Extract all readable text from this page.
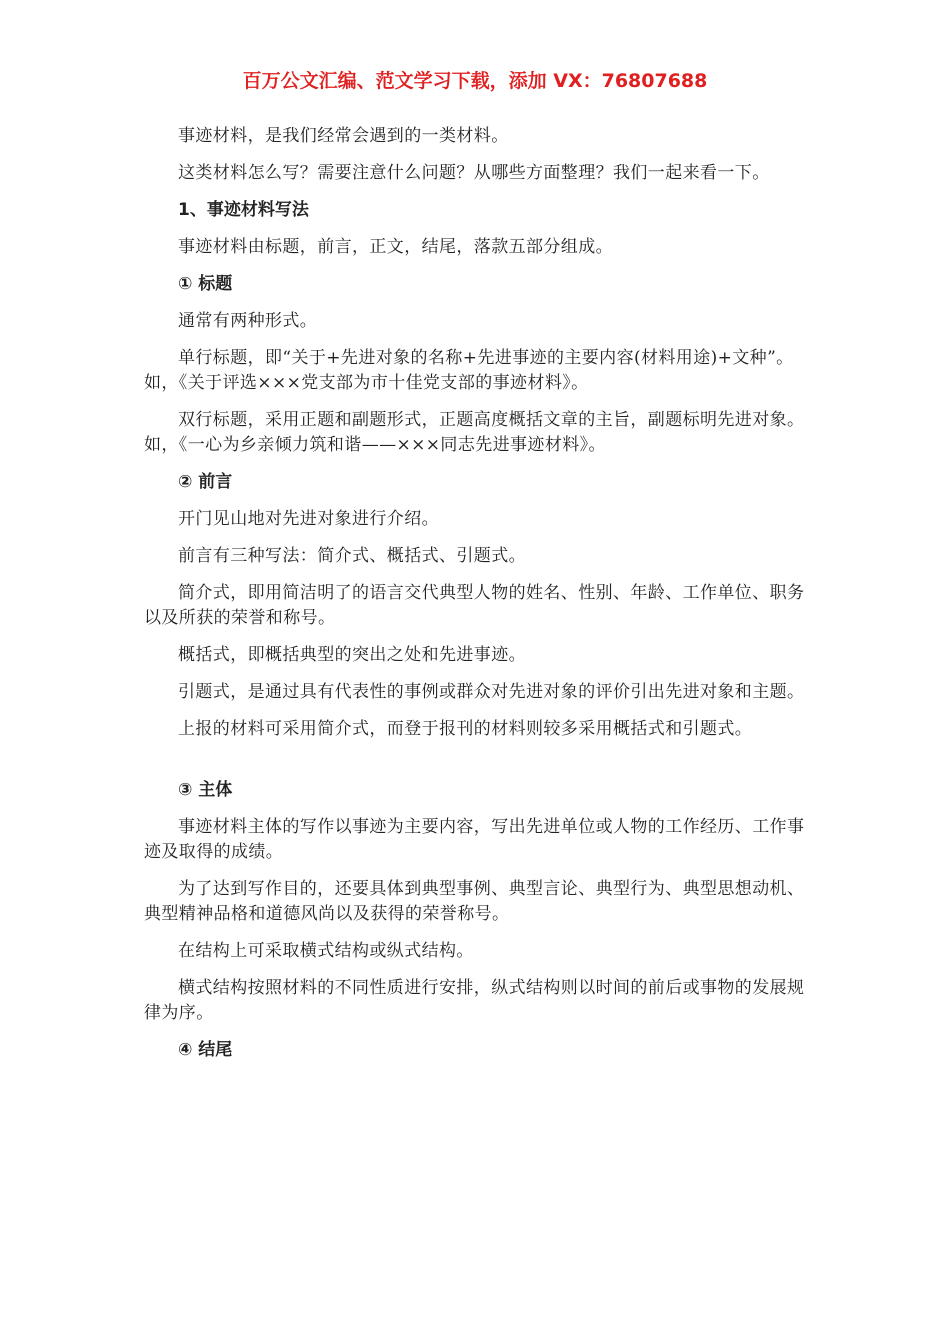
百万公文汇编、范文学习下载，添加 VX：76807688

事迹材料，是我们经常会遇到的一类材料。

这类材料怎么写？需要注意什么问题？从哪些方面整理？我们一起来看一下。

1、事迹材料写法

事迹材料由标题，前言，正文，结尾，落款五部分组成。

① 标题

通常有两种形式。

单行标题，即“关于+先进对象的名称+先进事迹的主要内容(材料用途)+文种”。如，《关于评选×××党支部为市十佳党支部的事迹材料》。

双行标题，采用正题和副题形式，正题高度概括文章的主旨，副题标明先进对象。如，《一心为乡亲倾力筑和谐——×××同志先进事迹材料》。

② 前言

开门见山地对先进对象进行介绍。

前言有三种写法：简介式、概括式、引题式。

简介式，即用简洁明了的语言交代典型人物的姓名、性别、年龄、工作单位、职务以及所获的荣誉和称号。

概括式，即概括典型的突出之处和先进事迹。

引题式，是通过具有代表性的事例或群众对先进对象的评价引出先进对象和主题。

上报的材料可采用简介式，而登于报刊的材料则较多采用概括式和引题式。

③ 主体

事迹材料主体的写作以事迹为主要内容，写出先进单位或人物的工作经历、工作事迹及取得的成绩。

为了达到写作目的，还要具体到典型事例、典型言论、典型行为、典型思想动机、典型精神品格和道德风尚以及获得的荣誉称号。

在结构上可采取横式结构或纵式结构。

横式结构按照材料的不同性质进行安排，纵式结构则以时间的前后或事物的发展规律为序。

④ 结尾
